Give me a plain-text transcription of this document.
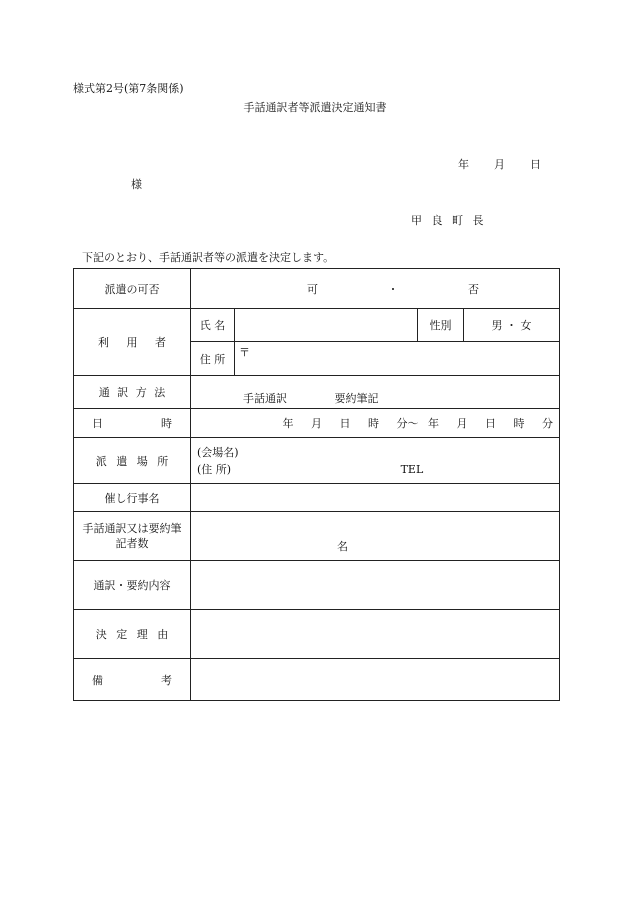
様式第2号(第7条関係)
手話通訳者等派遣決定通知書
年 月 日
様
甲 良 町 長
下記のとおり、手話通訳者等の派遣を決定します。
派遣の可否	可 ・ 否			
利 用 者	氏 名		性別	男 ・ 女
	住 所	〒		
通 訳 方 法	手話通訳 要約筆記			

日 時	年 月 日 時 分〜 年 月 日 時 分			
派 遣 場 所	(会場名)
(住 所) TEL			
催し行事名				
手話通訳又は要約筆記者数	名			
通訳・要約内容				
決 定 理 由				

備 考				
